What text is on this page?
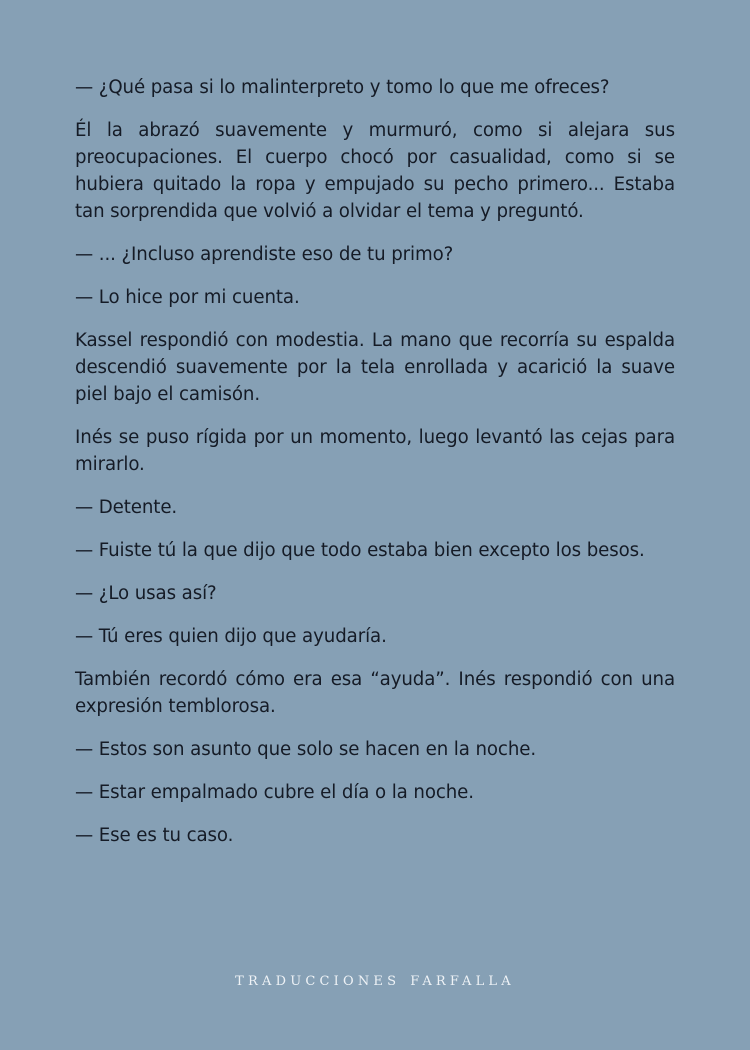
— ¿Qué pasa si lo malinterpreto y tomo lo que me ofreces?

Él la abrazó suavemente y murmuró, como si alejara sus preocupaciones. El cuerpo chocó por casualidad, como si se hubiera quitado la ropa y empujado su pecho primero... Estaba tan sorprendida que volvió a olvidar el tema y preguntó.

— ... ¿Incluso aprendiste eso de tu primo?

— Lo hice por mi cuenta.

Kassel respondió con modestia. La mano que recorría su espalda descendió suavemente por la tela enrollada y acarició la suave piel bajo el camisón.

Inés se puso rígida por un momento, luego levantó las cejas para mirarlo.

— Detente.

— Fuiste tú la que dijo que todo estaba bien excepto los besos.

— ¿Lo usas así?

— Tú eres quien dijo que ayudaría.

También recordó cómo era esa “ayuda”. Inés respondió con una expresión temblorosa.

— Estos son asunto que solo se hacen en la noche.

— Estar empalmado cubre el día o la noche.

— Ese es tu caso.

TRADUCCIONES FARFALLA
